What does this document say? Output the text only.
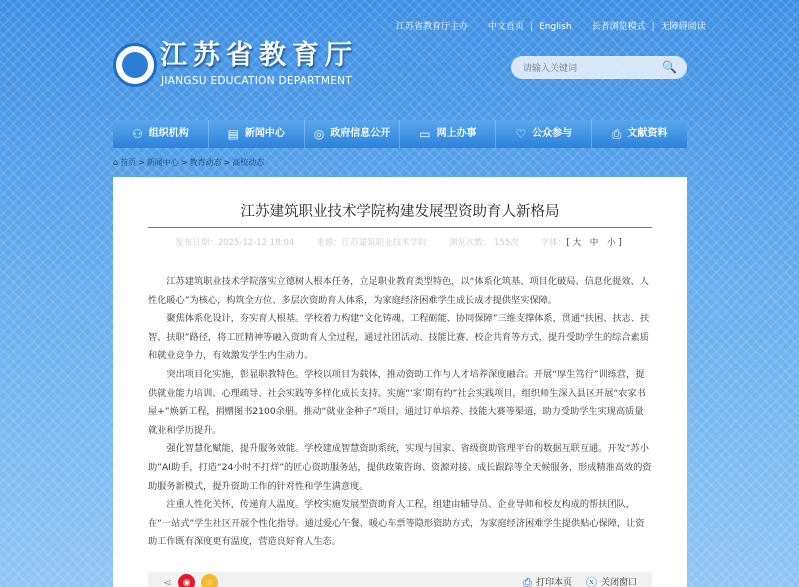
江苏省教育厅主办 中文首页 | English 长者浏览模式 | 无障碍阅读
江苏省教育厅
JIANGSU EDUCATION DEPARTMENT
请输入关键词
🔍
⚇ 组织机构	▤ 新闻中心 ◎ 政府信息公开 ▭ 网上办事	♡ 公众参与	⎙ 文献资料
⌂ 首页 > 新闻中心 > 教育动态 > 高校动态
江苏建筑职业技术学院构建发展型资助育人新格局
发布日期：2025-12-12 18:04	来源：江苏建筑职业技术学院	浏览次数： 155次	字体：[大 中 小]

江苏建筑职业技术学院落实立德树人根本任务，立足职业教育类型特色，以“体系化筑基、项目化破局、信息化提效、人性化暖心”为核心，构筑全方位、多层次资助育人体系，为家庭经济困难学生成长成才提供坚实保障。

聚焦体系化设计，夯实育人根基。学校着力构建“文化铸魂、工程砺能、协同保障”三维支撑体系，贯通“扶困、扶志、扶智、扶职”路径，将工匠精神等融入资助育人全过程，通过社团活动、技能比赛、校企共育等方式，提升受助学生的综合素质和就业竞争力，有效激发学生内生动力。

突出项目化实施，彰显职教特色。学校以项目为载体，推动资助工作与人才培养深度融合。开展“厚生笃行”训练营，提供就业能力培训、心理疏导、社会实践等多样化成长支持。实施“‘家’期有约”社会实践项目，组织师生深入县区开展“农家书屋+”焕新工程，捐赠图书2100余册。推动“就业金种子”项目，通过订单培养、技能大赛等渠道，助力受助学生实现高质量就业和学历提升。

强化智慧化赋能，提升服务效能。学校建成智慧资助系统，实现与国家、省级资助管理平台的数据互联互通。开发“苏小助”AI助手，打造“24小时不打烊”的匠心资助服务站，提供政策咨询、资源对接、成长跟踪等全天候服务，形成精准高效的资助服务新模式，提升资助工作的针对性和学生满意度。

注重人性化关怀，传递育人温度。学校实施发展型资助育人工程，组建由辅导员、企业导师和校友构成的帮扶团队，在“一站式”学生社区开展个性化指导。通过爱心午餐、暖心车票等隐形资助方式，为家庭经济困难学生提供贴心保障，让资助工作既有深度更有温度，营造良好育人生态。

⋖	◉	☆	⎙ 打印本页 ⓧ 关闭窗口
